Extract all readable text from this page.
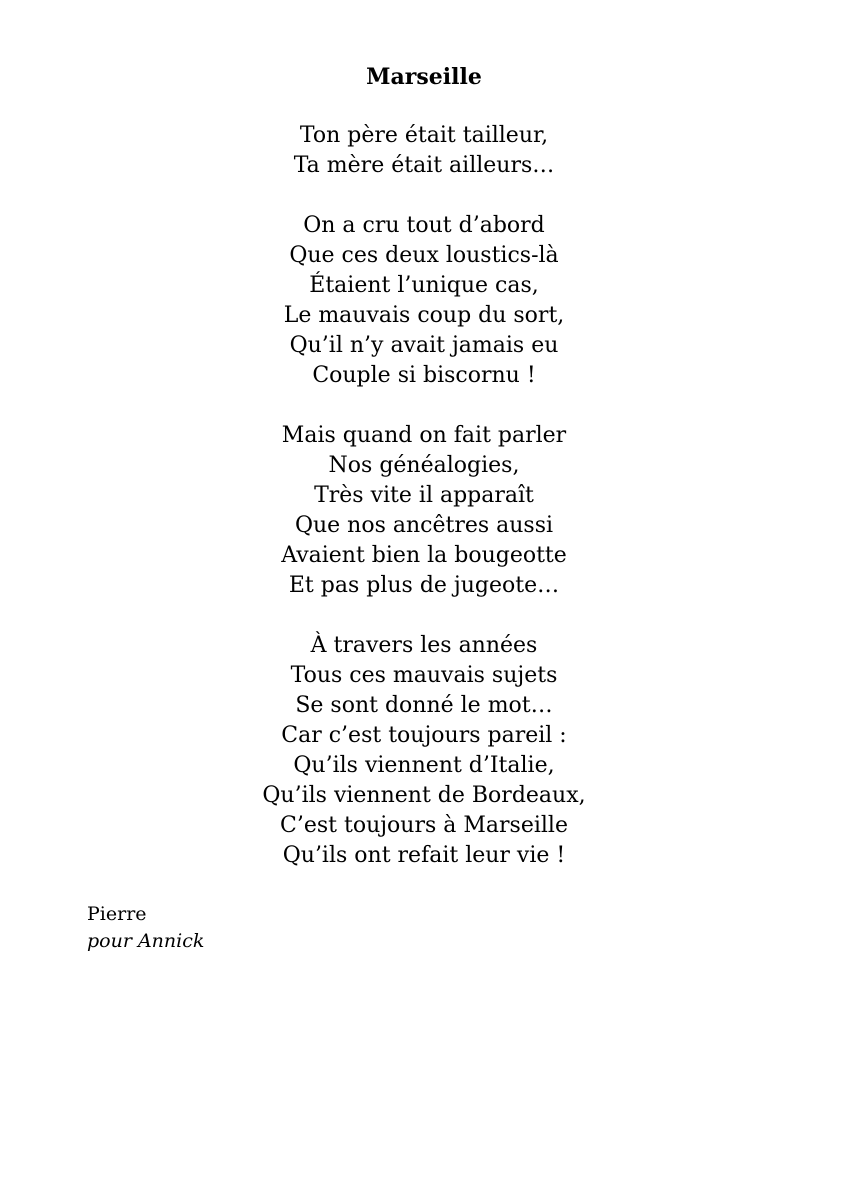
Marseille
Ton père était tailleur,
Ta mère était ailleurs…
On a cru tout d’abord
Que ces deux loustics-là
Étaient l’unique cas,
Le mauvais coup du sort,
Qu’il n’y avait jamais eu
Couple si biscornu !
Mais quand on fait parler
Nos généalogies,
Très vite il apparaît
Que nos ancêtres aussi
Avaient bien la bougeotte
Et pas plus de jugeote…
À travers les années
Tous ces mauvais sujets
Se sont donné le mot…
Car c’est toujours pareil :
Qu’ils viennent d’Italie,
Qu’ils viennent de Bordeaux,
C’est toujours à Marseille
Qu’ils ont refait leur vie !
Pierre
pour Annick
